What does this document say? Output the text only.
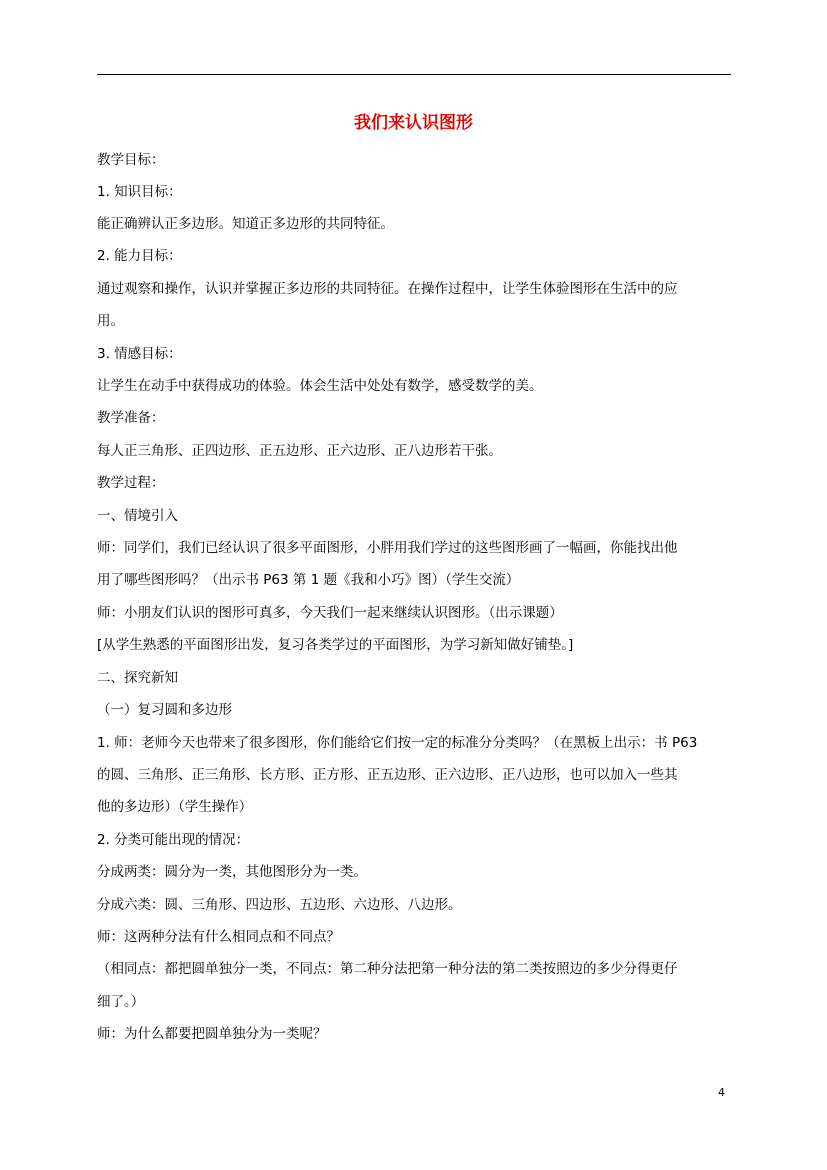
我们来认识图形
教学目标：
1. 知识目标：
能正确辨认正多边形。知道正多边形的共同特征。
2. 能力目标：
通过观察和操作，认识并掌握正多边形的共同特征。在操作过程中，让学生体验图形在生活中的应
用。
3. 情感目标：
让学生在动手中获得成功的体验。体会生活中处处有数学，感受数学的美。
教学准备：
每人正三角形、正四边形、正五边形、正六边形、正八边形若干张。
教学过程：
一、情境引入
师：同学们，我们已经认识了很多平面图形，小胖用我们学过的这些图形画了一幅画，你能找出他
用了哪些图形吗？（出示书 P63 第 1 题《我和小巧》图）（学生交流）
师：小朋友们认识的图形可真多，今天我们一起来继续认识图形。（出示课题）
[从学生熟悉的平面图形出发，复习各类学过的平面图形，为学习新知做好铺垫。]
二、探究新知
（一）复习圆和多边形
1. 师：老师今天也带来了很多图形，你们能给它们按一定的标准分分类吗？（在黑板上出示：书 P63
的圆、三角形、正三角形、长方形、正方形、正五边形、正六边形、正八边形，也可以加入一些其
他的多边形）（学生操作）
2. 分类可能出现的情况：
分成两类：圆分为一类，其他图形分为一类。
分成六类：圆、三角形、四边形、五边形、六边形、八边形。
师：这两种分法有什么相同点和不同点？
（相同点：都把圆单独分一类，不同点：第二种分法把第一种分法的第二类按照边的多少分得更仔
细了。）
师：为什么都要把圆单独分为一类呢？
4
